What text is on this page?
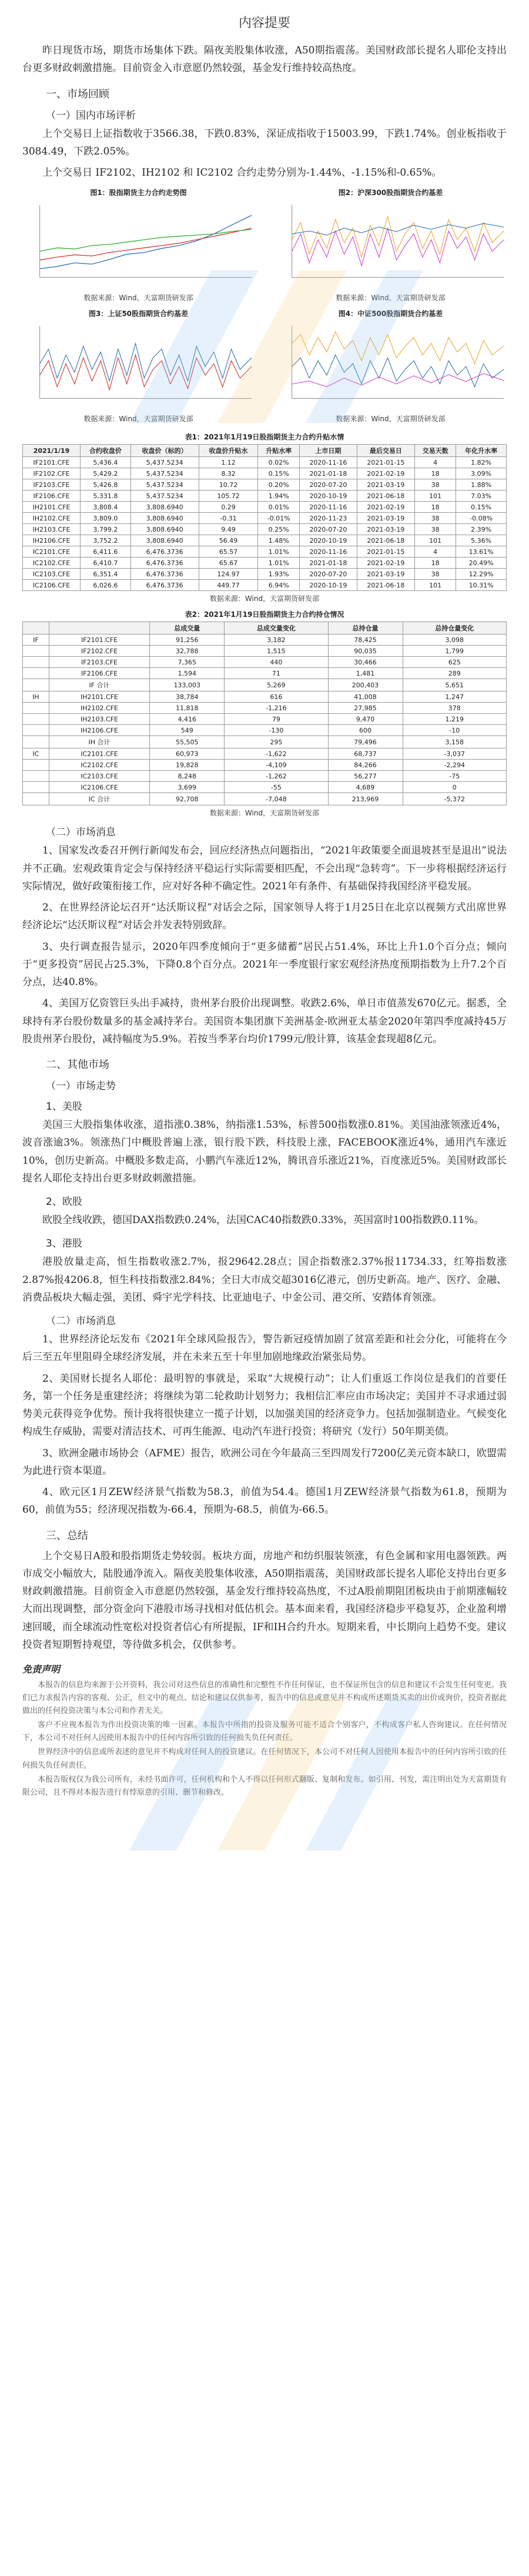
内容提要

昨日现货市场，期货市场集体下跌。隔夜美股集体收涨，A50期指震荡。美国财政部长提名人耶伦支持出台更多财政刺激措施。目前资金入市意愿仍然较强，基金发行维持较高热度。

一、市场回顾
（一）国内市场评析

上个交易日上证指数收于3566.38，下跌0.83%，深证成指收于15003.99，下跌1.74%。创业板指收于3084.49，下跌2.05%。

上个交易日 IF2102、IH2102 和 IC2102 合约走势分别为-1.44%、-1.15%和-0.65%。

图1：股指期货主力合约走势图	图2：沪深300股指期货合约基差
数据来源：Wind，天富期货研发部	数据来源：Wind，天富期货研发部
图3：上证50股指期货合约基差	图4：中证500股指期货合约基差
数据来源：Wind，天富期货研发部	数据来源：Wind，天富期货研发部
表1：2021年1月19日股指期货主力合约升贴水情
2021/1/19	合约收盘价	收盘价（标的）	收盘价升贴水	升贴水率	上市日期	最后交易日	交易天数	年化升水率
IF2101.CFE	5,436.4	5,437.5234	1.12	0.02%	2020-11-16	2021-01-15	4	1.82%
IF2102.CFE	5,429.2	5,437.5234	8.32	0.15%	2021-01-18	2021-02-19	18	3.09%
IF2103.CFE	5,426.8	5,437.5234	10.72	0.20%	2020-07-20	2021-03-19	38	1.88%
IF2106.CFE	5,331.8	5,437.5234	105.72	1.94%	2020-10-19	2021-06-18	101	7.03%
IH2101.CFE	3,808.4	3,808.6940	0.29	0.01%	2020-11-16	2021-02-19	18	0.15%
IH2102.CFE	3,809.0	3,808.6940	-0.31	-0.01%	2020-11-23	2021-03-19	38	-0.08%
IH2103.CFE	3,799.2	3,808.6940	9.49	0.25%	2020-07-20	2021-03-19	38	2.39%
IH2106.CFE	3,752.2	3,808.6940	56.49	1.48%	2020-10-19	2021-06-18	101	5.36%
IC2101.CFE	6,411.6	6,476.3736	65.57	1.01%	2020-11-16	2021-01-15	4	13.61%
IC2102.CFE	6,410.7	6,476.3736	65.67	1.01%	2021-01-18	2021-02-19	18	20.49%
IC2103.CFE	6,351.4	6,476.3736	124.97	1.93%	2020-07-20	2021-03-19	38	12.29%
IC2106.CFE	6,026.6	6,476.3736	449.77	6.94%	2020-10-19	2021-06-18	101	10.31%
数据来源：Wind，天富期货研发部
表2：2021年1月19日股指期货主力合约持仓情况
		总成交量	总成交量变化	总持仓量	总持仓量变化
IF	IF2101.CFE	91,256	3,182	78,425	3,098
	IF2102.CFE	32,788	1,515	90,035	1,799
	IF2103.CFE	7,365	440	30,466	625
	IF2106.CFE	1,594	71	1,481	289
	IF 合计	133,003	5,269	200,403	5,651
IH	IH2101.CFE	38,784	616	41,008	1,247
	IH2102.CFE	11,818	-1,216	27,985	378
	IH2103.CFE	4,416	79	9,470	1,219
	IH2106.CFE	549	-130	600	-10
	IH 合计	55,505	295	79,496	3,158
IC	IC2101.CFE	60,973	-1,622	68,737	-3,037
	IC2102.CFE	19,828	-4,109	84,266	-2,294
	IC2103.CFE	8,248	-1,262	56,277	-75
	IC2106.CFE	3,699	-55	4,689	0
	IC 合计	92,708	-7,048	213,969	-5,372
数据来源：Wind，天富期货研发部
（二）市场消息

1、国家发改委召开例行新闻发布会，回应经济热点问题指出，“2021年政策要全面退坡甚至是退出”说法并不正确。宏观政策肯定会与保持经济平稳运行实际需要相匹配，不会出现“急转弯”。下一步将根据经济运行实际情况，做好政策衔接工作，应对好各种不确定性。2021年有条件、有基础保持我国经济平稳发展。

2、在世界经济论坛召开“达沃斯议程”对话会之际，国家领导人将于1月25日在北京以视频方式出席世界经济论坛“达沃斯议程”对话会并发表特别致辞。

3、央行调查报告显示，2020年四季度倾向于“更多储蓄”居民占51.4%，环比上升1.0个百分点；倾向于“更多投资”居民占25.3%，下降0.8个百分点。2021年一季度银行家宏观经济热度预期指数为上升7.2个百分点，达40.8%。

4、美国万亿资管巨头出手减持，贵州茅台股价出现调整。收跌2.6%，单日市值蒸发670亿元。据悉，全球持有茅台股份数量多的基金减持茅台。美国资本集团旗下美洲基金-欧洲亚太基金2020年第四季度减持45万股贵州茅台股份，减持幅度为5.9%。若按当季茅台均价1799元/股计算，该基金套现超8亿元。

二、其他市场
（一）市场走势
1、美股

美国三大股指集体收涨，道指涨0.38%，纳指涨1.53%，标普500指数涨0.81%。美国油涨领涨近4%，波音涨逾3%。领涨热门中概股普遍上涨，银行股下跌，科技股上涨，FACEBOOK涨近4%，通用汽车涨近10%，创历史新高。中概股多数走高，小鹏汽车涨近12%，腾讯音乐涨近21%，百度涨近5%。美国财政部长提名人耶伦支持出台更多财政刺激措施。

2、欧股

欧股全线收跌，德国DAX指数跌0.24%，法国CAC40指数跌0.33%，英国富时100指数跌0.11%。

3、港股

港股放量走高，恒生指数收涨2.7%，报29642.28点；国企指数涨2.37%报11734.33，红筹指数涨2.87%报4206.8，恒生科技指数涨2.84%；全日大市成交超3016亿港元，创历史新高。地产、医疗、金融、消费品板块大幅走强，美团、舜宇光学科技、比亚迪电子、中金公司、港交所、安踏体育领涨。

（二）市场消息

1、世界经济论坛发布《2021年全球风险报告》，警告新冠疫情加剧了贫富差距和社会分化，可能将在今后三至五年里阻碍全球经济发展，并在未来五至十年里加剧地缘政治紧张局势。

2、美国财长提名人耶伦：最明智的事就是，采取“大规模行动”；让人们重返工作岗位是我们的首要任务，第一个任务是重建经济；将继续为第二轮救助计划努力；我相信汇率应由市场决定；美国并不寻求通过弱势美元获得竞争优势。预计我将很快建立一揽子计划，以加强美国的经济竞争力。包括加强制造业。气候变化构成生存威胁，需要对清洁技术、可再生能源、电动汽车进行投资；将研究（发行）50年期美债。

3、欧洲金融市场协会（AFME）报告，欧洲公司在今年最高三至四周发行7200亿美元资本缺口，欧盟需为此进行资本渠道。

4、欧元区1月ZEW经济景气指数为58.3，前值为54.4。德国1月ZEW经济景气指数为61.8，预期为60，前值为55；经济现况指数为-66.4，预期为-68.5，前值为-66.5。

三、总结

上个交易日A股和股指期货走势较弱。板块方面，房地产和纺织服装领涨，有色金属和家用电器领跌。两市成交小幅放大，陆股通净流入。隔夜美股集体收涨，A50期指震荡，美国财政部长提名人耶伦支持出台更多财政刺激措施。目前资金入市意愿仍然较强，基金发行维持较高热度，不过A股前期阻团板块由于前期涨幅较大而出现调整，部分资金向下港股市场寻找相对低估机会。基本面来看，我国经济稳步平稳复苏，企业盈利增速回暖，而全球流动性宽松对投资者信心有所提振，IF和IH合约升水。短期来看，中长期向上趋势不变。建议投资者短期暂持观望，等待做多机会，仅供参考。

免责声明

本报告的信息均来源于公开资料，我公司对这些信息的准确性和完整性不作任何保证，也不保证所包含的信息和建议不会发生任何变更。我们已力求报告内容的客观、公正，但文中的观点、结论和建议仅供参考，报告中的信息或意见并不构成所述期货买卖的出价或询价，投资者据此做出的任何投资决策与本公司和作者无关。

客户不应视本报告为作出投资决策的唯一因素。本报告中所指的投资及服务可能不适合个别客户，不构成客户私人咨询建议。在任何情况下，本公司不对任何人因使用本报告中的任何内容所引致的任何损失负任何责任。

世界经济中的信息或所表述的意见并不构成对任何人的投资建议。在任何情况下，本公司不对任何人因使用本报告中的任何内容所引致的任何损失负任何责任。

本报告版权仅为我公司所有，未经书面许可，任何机构和个人不得以任何形式翻版、复制和发布。如引用、刊发，需注明出处为天富期货有限公司，且不得对本报告进行有悖原意的引用、删节和修改。
